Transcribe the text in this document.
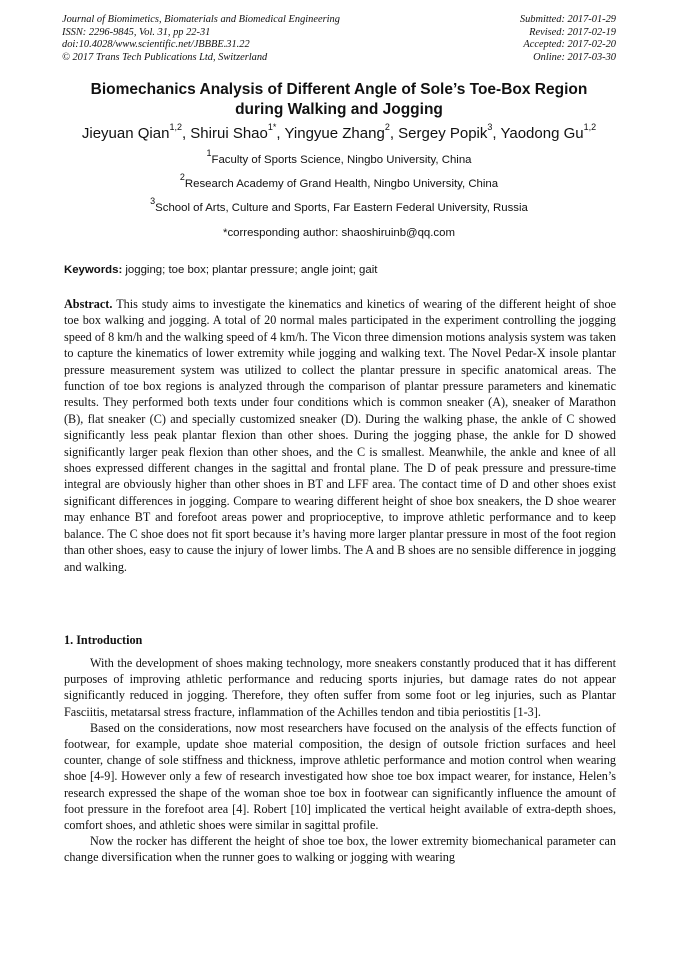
Journal of Biomimetics, Biomaterials and Biomedical Engineering
ISSN: 2296-9845, Vol. 31, pp 22-31
doi:10.4028/www.scientific.net/JBBBE.31.22
© 2017 Trans Tech Publications Ltd, Switzerland
Submitted: 2017-01-29
Revised: 2017-02-19
Accepted: 2017-02-20
Online: 2017-03-30
Biomechanics Analysis of Different Angle of Sole’s Toe-Box Region
during Walking and Jogging
Jieyuan Qian$^{1,2}$, Shirui Shao$^{1*}$, Yingyue Zhang$^2$, Sergey Popik$^3$, Yaodong Gu$^{1,2}$
$^1$Faculty of Sports Science, Ningbo University, China
$^2$Research Academy of Grand Health, Ningbo University, China
$^3$School of Arts, Culture and Sports, Far Eastern Federal University, Russia
*corresponding author: shaoshiruinb@qq.com
Keywords: jogging; toe box; plantar pressure; angle joint; gait
Abstract. This study aims to investigate the kinematics and kinetics of wearing of the different height of shoe toe box walking and jogging. A total of 20 normal males participated in the experiment controlling the jogging speed of 8 km/h and the walking speed of 4 km/h. The Vicon three dimension motions analysis system was taken to capture the kinematics of lower extremity while jogging and walking text. The Novel Pedar-X insole plantar pressure measurement system was utilized to collect the plantar pressure in specific anatomical areas. The function of toe box regions is analyzed through the comparison of plantar pressure parameters and kinematic results. They performed both texts under four conditions which is common sneaker (A), sneaker of Marathon (B), flat sneaker (C) and specially customized sneaker (D). During the walking phase, the ankle of C showed significantly less peak plantar flexion than other shoes. During the jogging phase, the ankle for D showed significantly larger peak flexion than other shoes, and the C is smallest. Meanwhile, the ankle and knee of all shoes expressed different changes in the sagittal and frontal plane. The D of peak pressure and pressure-time integral are obviously higher than other shoes in BT and LFF area. The contact time of D and other shoes exist significant differences in jogging. Compare to wearing different height of shoe box sneakers, the D shoe wearer may enhance BT and forefoot areas power and proprioceptive, to improve athletic performance and to keep balance. The C shoe does not fit sport because it’s having more larger plantar pressure in most of the foot region than other shoes, easy to cause the injury of lower limbs. The A and B shoes are no sensible difference in jogging and walking.
1. Introduction

With the development of shoes making technology, more sneakers constantly produced that it has different purposes of improving athletic performance and reducing sports injuries, but damage rates do not appear significantly reduced in jogging. Therefore, they often suffer from some foot or leg injuries, such as Plantar Fasciitis, metatarsal stress fracture, inflammation of the Achilles tendon and tibia periostitis [1-3].

Based on the considerations, now most researchers have focused on the analysis of the effects function of footwear, for example, update shoe material composition, the design of outsole friction surfaces and heel counter, change of sole stiffness and thickness, improve athletic performance and motion control when wearing shoe [4-9]. However only a few of research investigated how shoe toe box impact wearer, for instance, Helen’s research expressed the shape of the woman shoe toe box in footwear can significantly influence the amount of foot pressure in the forefoot area [4]. Robert [10] implicated the vertical height available of extra-depth shoes, comfort shoes, and athletic shoes were similar in sagittal profile.

Now the rocker has different the height of shoe toe box, the lower extremity biomechanical parameter can change diversification when the runner goes to walking or jogging with wearing
